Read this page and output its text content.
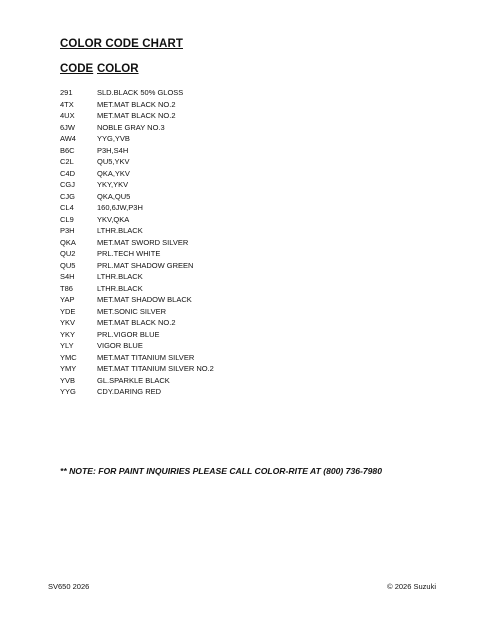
COLOR CODE CHART
CODE COLOR
291	SLD.BLACK 50% GLOSS
4TX	MET.MAT BLACK NO.2
4UX	MET.MAT BLACK NO.2
6JW	NOBLE GRAY NO.3
AW4	YYG,YVB
B6C	P3H,S4H
C2L	QU5,YKV
C4D	QKA,YKV
CGJ	YKY,YKV
CJG	QKA,QU5
CL4	160,6JW,P3H
CL9	YKV,QKA
P3H	LTHR.BLACK
QKA	MET.MAT SWORD SILVER
QU2	PRL.TECH WHITE
QU5	PRL.MAT SHADOW GREEN
S4H	LTHR.BLACK
T86	LTHR.BLACK
YAP	MET.MAT SHADOW BLACK
YDE	MET.SONIC SILVER
YKV	MET.MAT BLACK NO.2
YKY	PRL.VIGOR BLUE
YLY	VIGOR BLUE
YMC	MET.MAT TITANIUM SILVER
YMY	MET.MAT TITANIUM SILVER NO.2
YVB	GL.SPARKLE BLACK
YYG	CDY.DARING RED
** NOTE: FOR PAINT INQUIRIES PLEASE CALL COLOR-RITE AT (800) 736-7980
SV650 2026	© 2026 Suzuki
